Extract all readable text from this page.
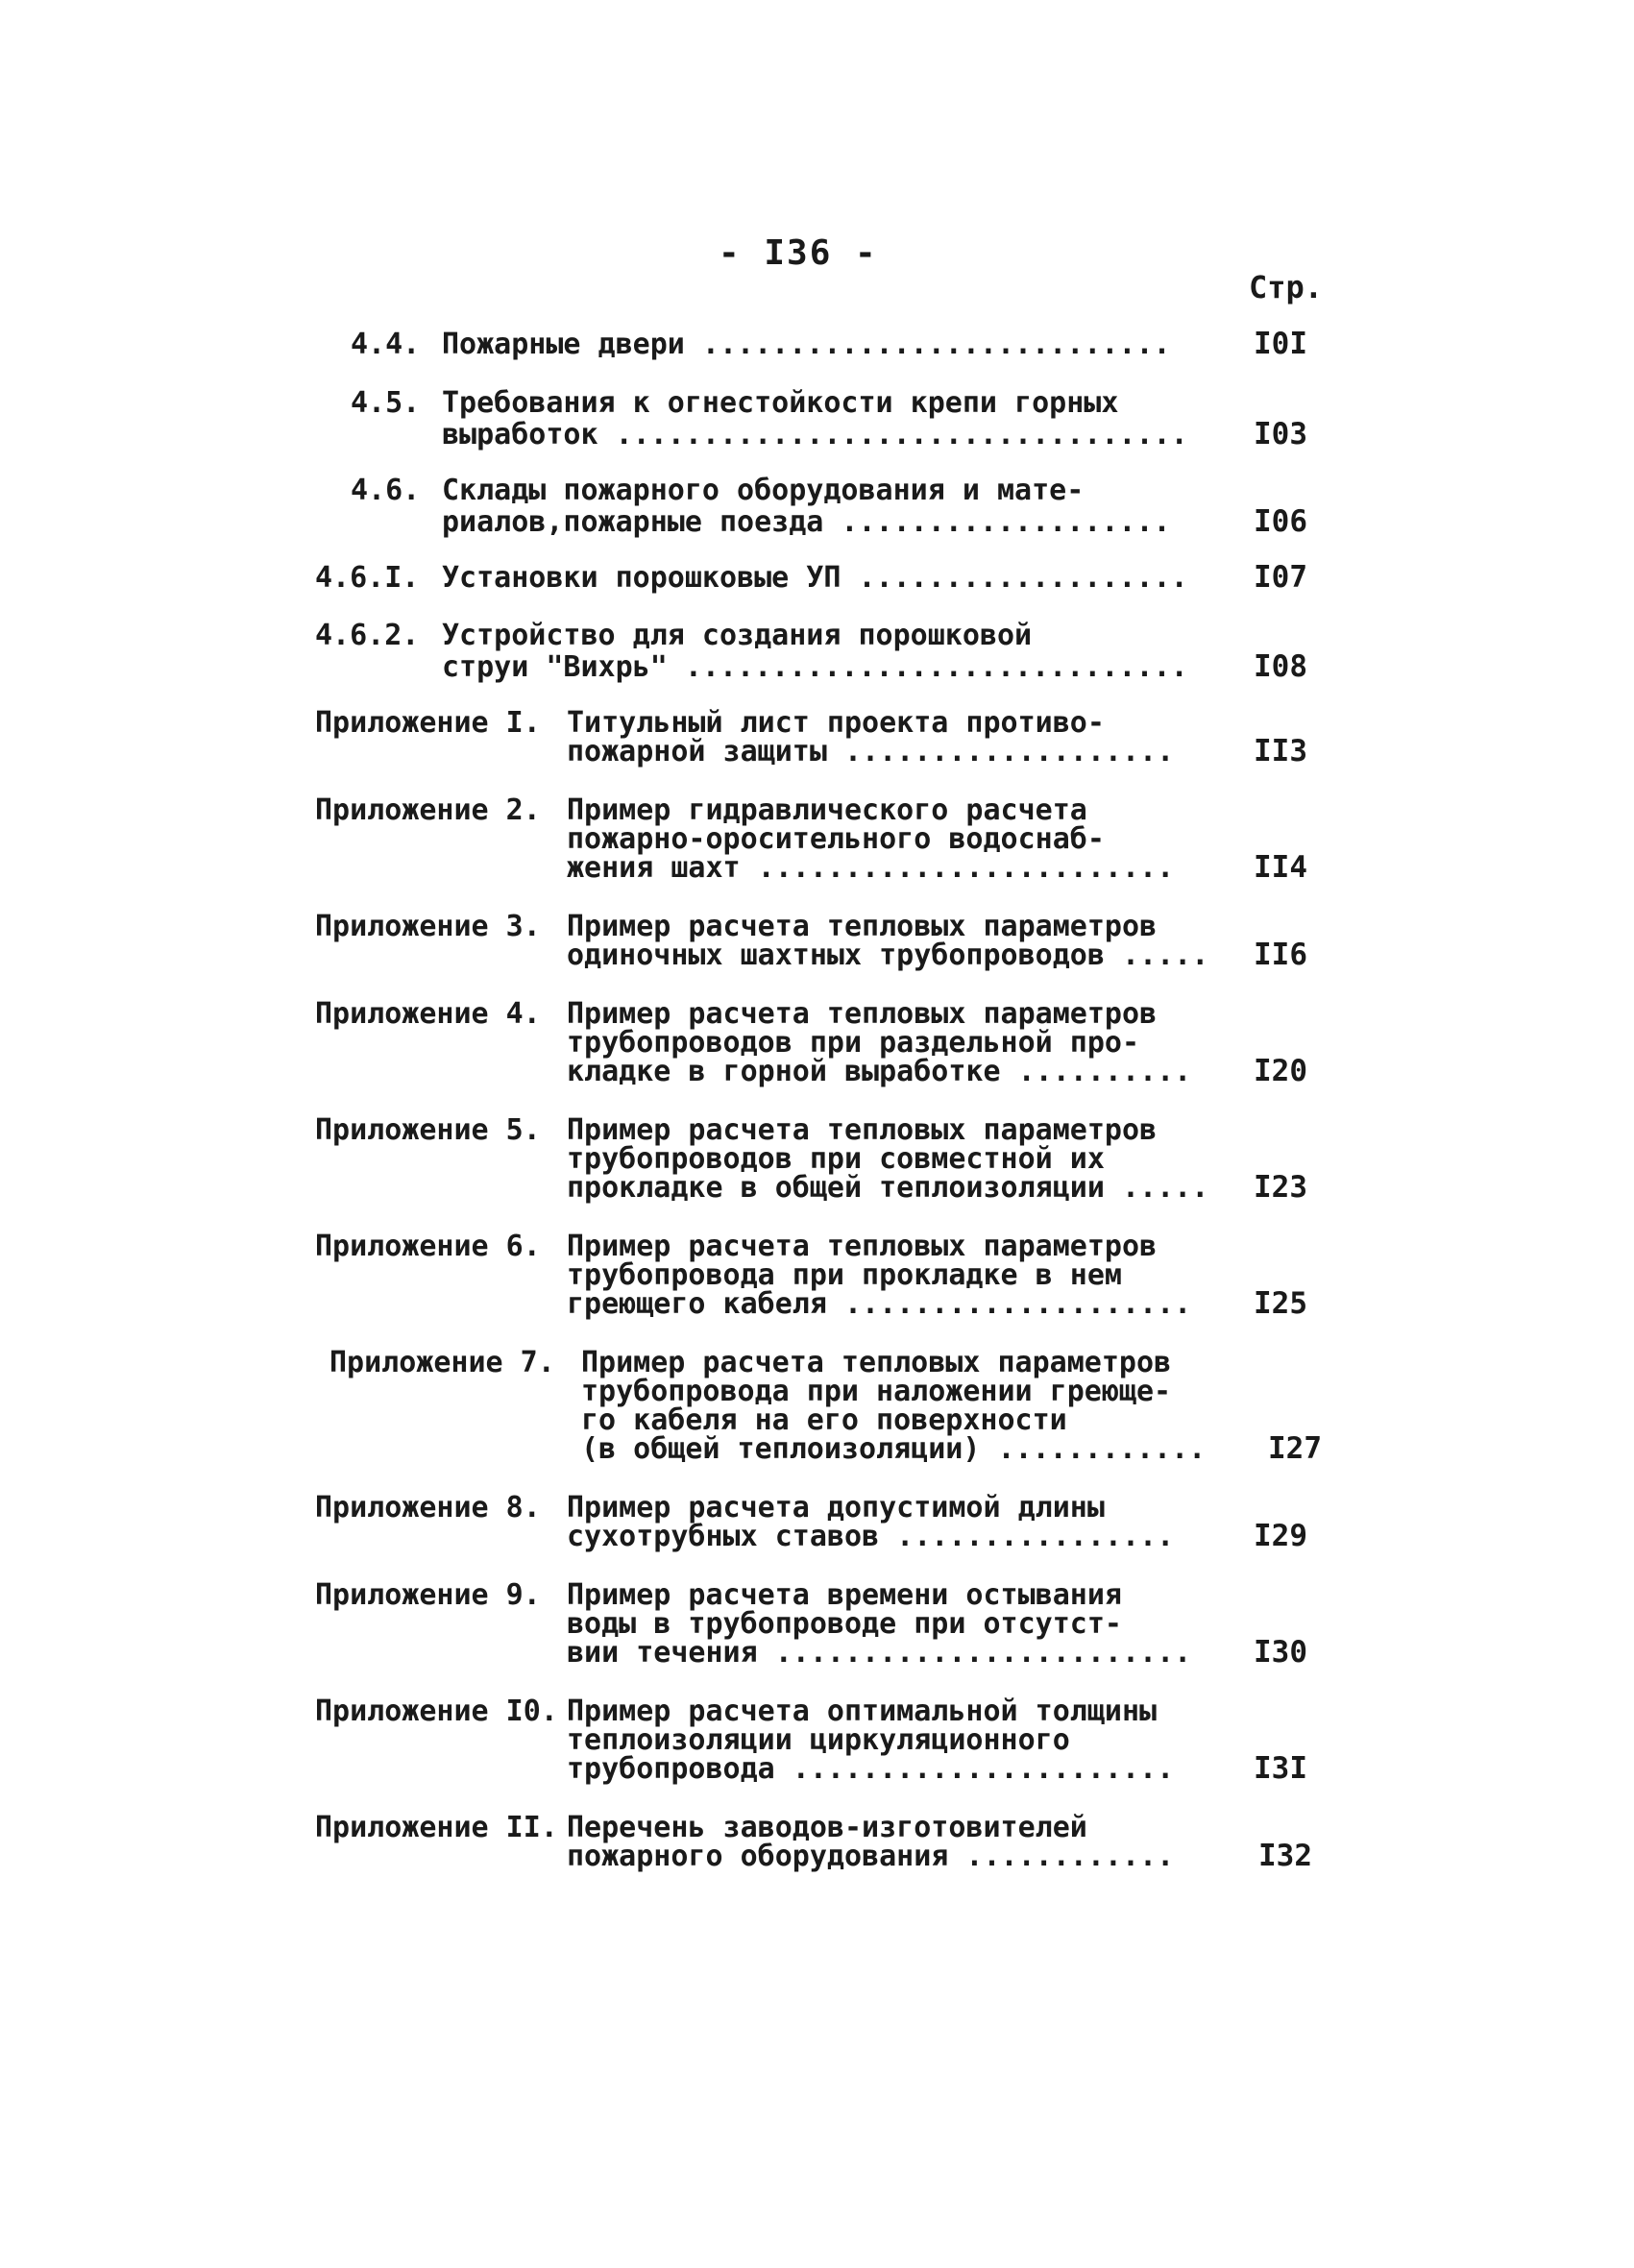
- I36 -
Стр.
4.4. Пожарные двери ...........................	I0I
4.5. Требования к огнестойкости крепи горных
выработок ................................. I03
4.6. Склады пожарного оборудования и мате-
риалов,пожарные поезда ...................	I06
4.6.I. Установки порошковые УП ................... I07
4.6.2. Устройство для создания порошковой
струи "Вихрь" ............................. I08
Приложение I. Титульный лист проекта противо-
пожарной защиты ...................	II3
Приложение 2. Пример гидравлического расчета
пожарно-оросительного водоснаб-
жения шахт ........................	II4
Приложение 3. Пример расчета тепловых параметров
одиночных шахтных трубопроводов ..... II6
Приложение 4. Пример расчета тепловых параметров
трубопроводов при раздельной про-
кладке в горной выработке .......... I20
Приложение 5. Пример расчета тепловых параметров
трубопроводов при совместной их
прокладке в общей теплоизоляции ..... I23
Приложение 6. Пример расчета тепловых параметров
трубопровода при прокладке в нем
греющего кабеля .................... I25
Приложение 7. Пример расчета тепловых параметров
трубопровода при наложении греюще-
го кабеля на его поверхности
(в общей теплоизоляции) ............ I27
Приложение 8. Пример расчета допустимой длины
сухотрубных ставов ................	I29
Приложение 9. Пример расчета времени остывания
воды в трубопроводе при отсутст-
вии течения ........................ I30
Приложение I0. Пример расчета оптимальной толщины
теплоизоляции циркуляционного
трубопровода ......................	I3I
Приложение II. Перечень заводов-изготовителей
пожарного оборудования ............	I32
